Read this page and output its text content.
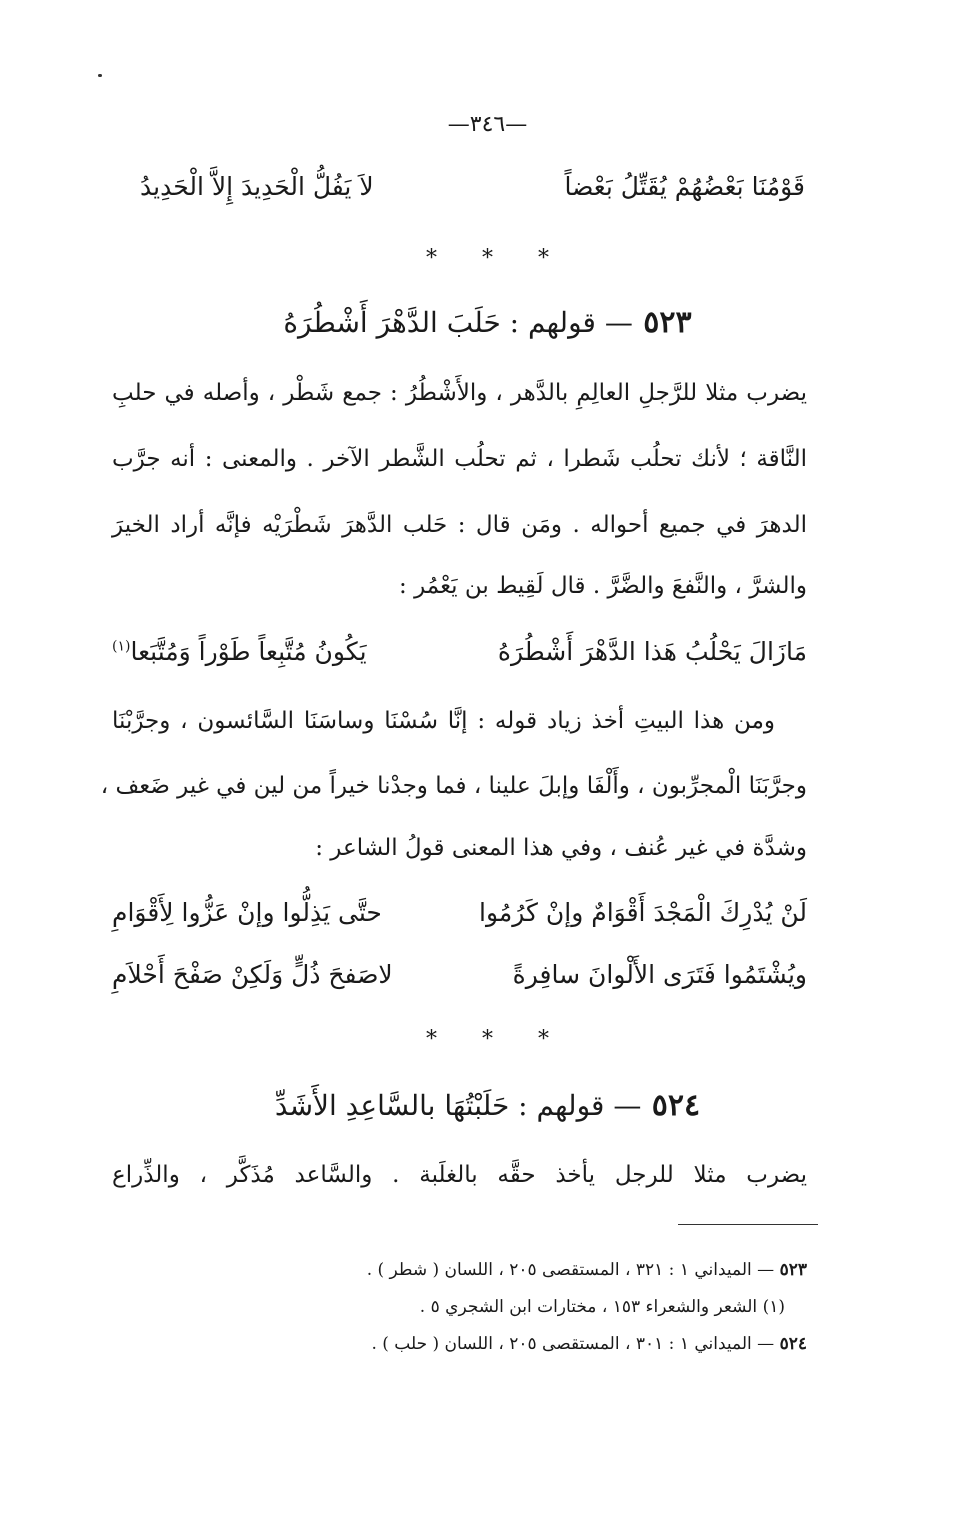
—٣٤٦—
قَوْمُنَا بَعْضُهُمْ يُقَتِّلُ بَعْضاً
لاَ يَفُلُّ الْحَدِيدَ إِلاَّ الْحَدِيدُ
* * *
٥٢٣ — قولهم : حَلَبَ الدَّهْرَ أَشْطُرَهُ
يضرب مثلا للرَّجلِ العالِمِ بالدَّهر ، والأَشْطُرُ : جمع شَطْر ، وأصله في حلبِ
النَّاقة ؛ لأنك تحلُب شَطرا ، ثم تحلُب الشَّطر الآخر . والمعنى : أنه جرَّب
الدهرَ في جميع أحواله . ومَن قال : حَلب الدَّهرَ شَطْرَيْه فإنَّه أراد الخيرَ
والشرَّ ، والنَّفعَ والضَّرَّ . قال لَقِيط بن يَعْمُر :
مَازَالَ يَحْلُبُ هَذا الدَّهْرَ أَشْطُرَهُ
يَكُونُ مُتَّبِعاً طَوْراً وَمُتَّبَعا$^{(١)}$
ومن هذا البيتِ أخذ زياد قوله : إنَّا سُسْنَا وساسَنَا السَّائسون ، وجرَّبْنَا
وجرَّبَنَا الْمجرِّبون ، وأَلْفَا وإبلَ علينا ، فما وجدْنا خيراً من لين في غير ضَعف ،
وشدَّة في غير عُنف ، وفي هذا المعنى قولُ الشاعر :
لَنْ يُدْرِكَ الْمَجْدَ أَقْوَامٌ وإنْ كَرُمُوا
حتَّى يَذِلُّوا وإنْ عَزُّوا لِأَقْوَامِ
ويُشْتَمُوا فَتَرَى الأَلْوانَ سافِرةً
لاصَفحَ ذُلٍّ وَلَكِنْ صَفْحَ أَحْلاَمِ
* * *
٥٢٤ — قولهم : حَلَبْتُهَا بالسَّاعِدِ الأَشَدِّ
يضرب مثلا للرجل يأخذ حقَّه بالغلَبة . والسَّاعد مُذَكَّر ، والذِّراع
٥٢٣ — الميداني ١ : ٣٢١ ، المستقصى ٢٠٥ ، اللسان ( شطر ) .
(١) الشعر والشعراء ١٥٣ ، مختارات ابن الشجري ٥ .
٥٢٤ — الميداني ١ : ٣٠١ ، المستقصى ٢٠٥ ، اللسان ( حلب ) .
